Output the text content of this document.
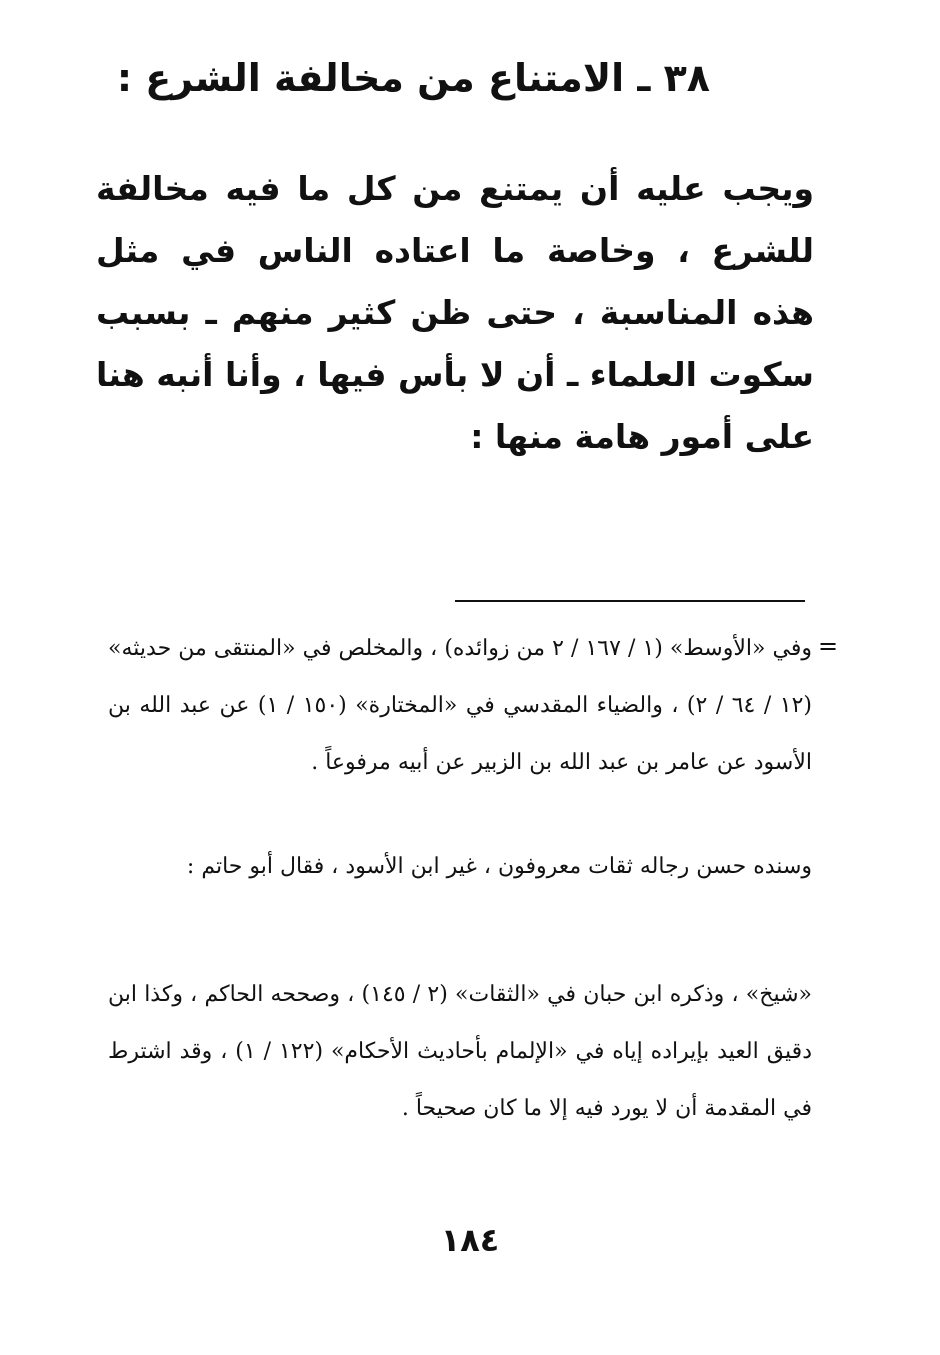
٣٨ ـ الامتناع من مخالفة الشرع :

ويجب عليه أن يمتنع من كل ما فيه مخالفة للشرع ، وخاصة ما اعتاده الناس في مثل هذه المناسبة ، حتى ظن كثير منهم ـ بسبب سكوت العلماء ـ أن لا بأس فيها ، وأنا أنبه هنا على أمور هامة منها :

=
وفي «الأوسط» (١ / ١٦٧ / ٢ من زوائده) ، والمخلص في «المنتقى من حديثه» (١٢ / ٦٤ / ٢) ، والضياء المقدسي في «المختارة» (١٥٠ / ١) عن عبد الله بن الأسود عن عامر بن عبد الله بن الزبير عن أبيه مرفوعاً .
وسنده حسن رجاله ثقات معروفون ، غير ابن الأسود ، فقال أبو حاتم :
«شيخ» ، وذكره ابن حبان في «الثقات» (٢ / ١٤٥) ، وصححه الحاكم ، وكذا ابن دقيق العيد بإيراده إياه في «الإلمام بأحاديث الأحكام» (١٢٢ / ١) ، وقد اشترط في المقدمة أن لا يورد فيه إلا ما كان صحيحاً .
١٨٤
